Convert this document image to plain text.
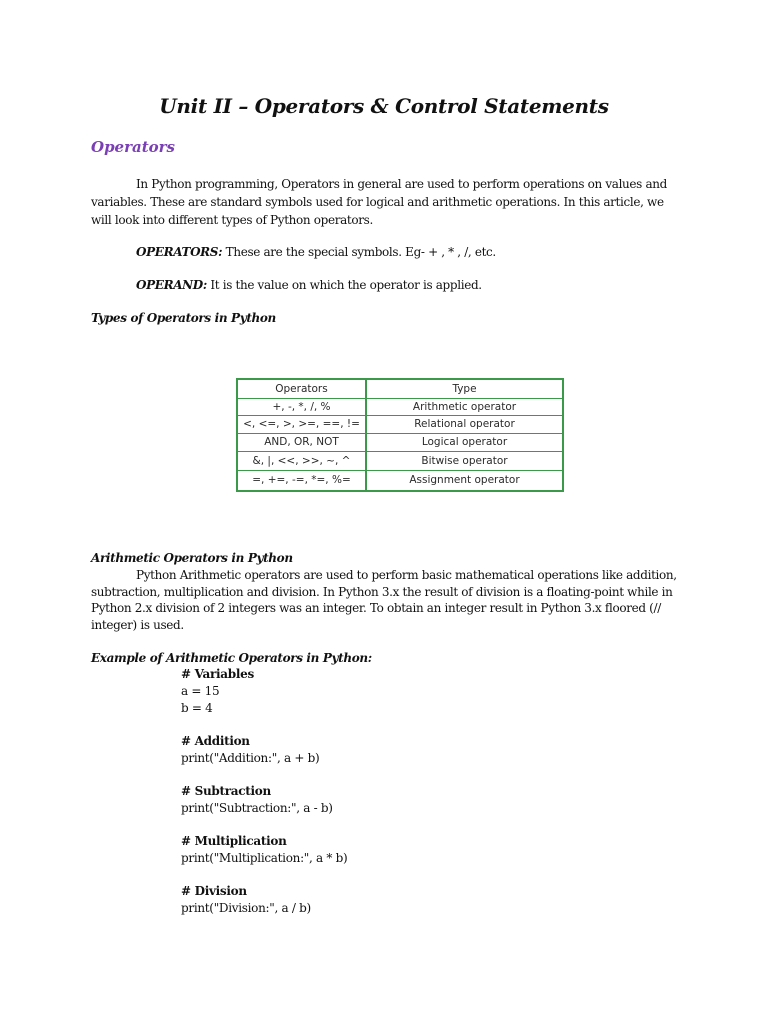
Unit II – Operators & Control Statements
Operators
In Python programming, Operators in general are used to perform operations on values and variables. These are standard symbols used for logical and arithmetic operations. In this article, we will look into different types of Python operators.
OPERATORS: These are the special symbols. Eg- + , * , /, etc.
OPERAND: It is the value on which the operator is applied.
Types of Operators in Python
Operators	Type
+, -, *, /, %	Arithmetic operator
<, <=, >, >=, ==, !=	Relational operator
AND, OR, NOT	Logical operator
&, |, <<, >>, ~, ^	Bitwise operator
=, +=, -=, *=, %=	Assignment operator
Arithmetic Operators in Python
Python Arithmetic operators are used to perform basic mathematical operations like addition, subtraction, multiplication and division. In Python 3.x the result of division is a floating-point while in Python 2.x division of 2 integers was an integer. To obtain an integer result in Python 3.x floored (// integer) is used.
Example of Arithmetic Operators in Python:
# Variables
a = 15
b = 4
# Addition
print("Addition:", a + b)
# Subtraction
print("Subtraction:", a - b)
# Multiplication
print("Multiplication:", a * b)
# Division
print("Division:", a / b)
